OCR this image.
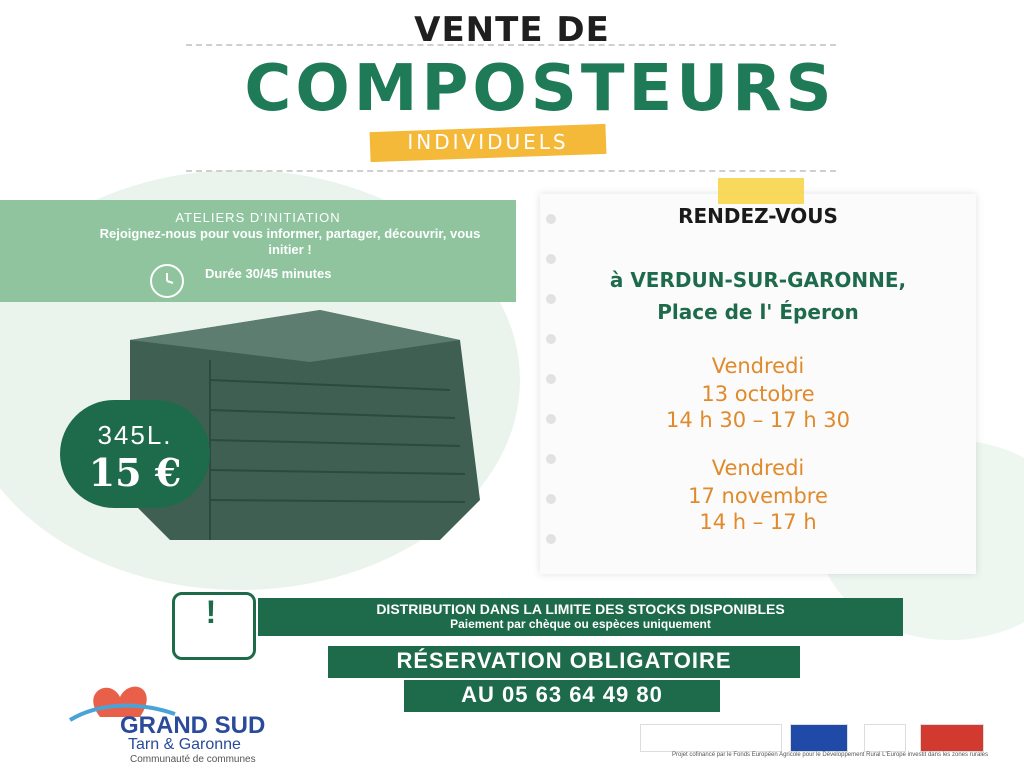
VENTE DE
COMPOSTEURS
INDIVIDUELS
ATELIERS D'INITIATION
Rejoignez-nous pour vous informer, partager, découvrir, vous initier !
Durée 30/45 minutes
345L.
15 €
RENDEZ-VOUS
à VERDUN-SUR-GARONNE,
Place de l' Éperon
Vendredi
13 octobre
14 h 30 – 17 h 30
Vendredi
17 novembre
14 h – 17 h
!	DISTRIBUTION DANS LA LIMITE DES STOCKS DISPONIBLES
Paiement par chèque ou espèces uniquement
RÉSERVATION OBLIGATOIRE
AU 05 63 64 49 80
GRAND SUD
Tarn & Garonne
Communauté de communes	Projet cofinancé par le Fonds Européen Agricole pour le Développement Rural L'Europe investit dans les zones rurales
